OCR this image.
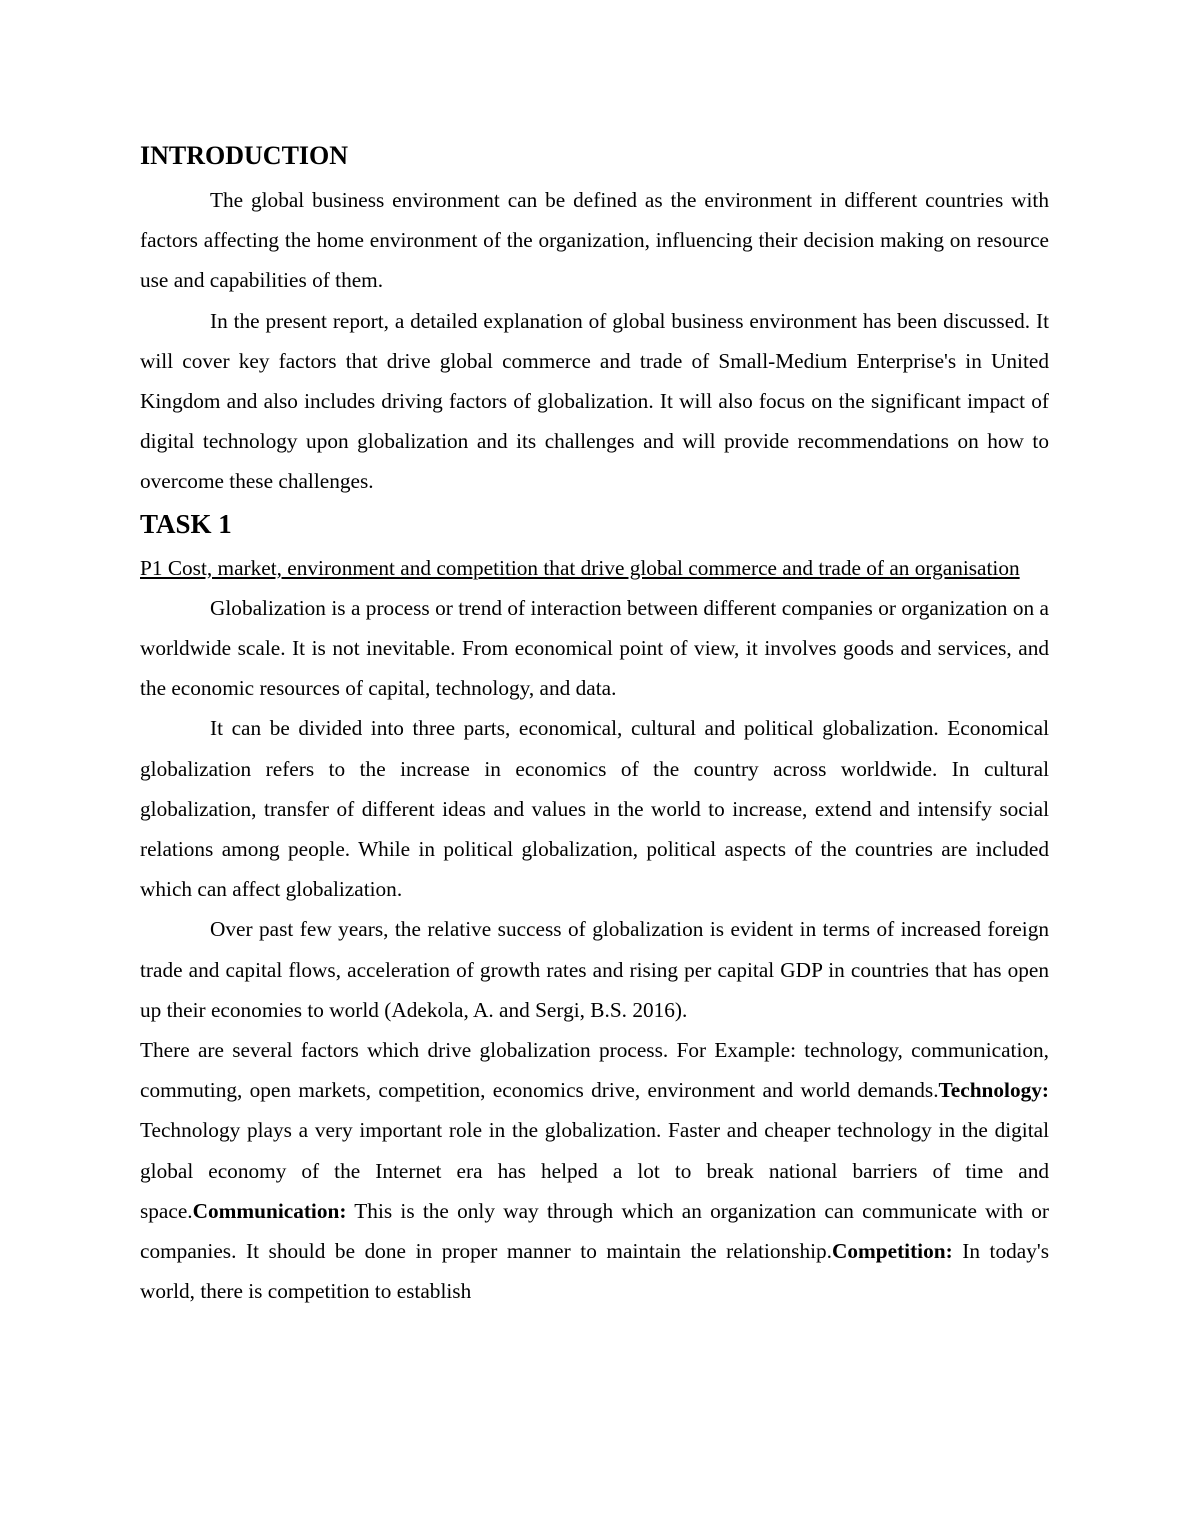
INTRODUCTION

The global business environment can be defined as the environment in different countries with factors affecting the home environment of the organization, influencing their decision making on resource use and capabilities of them.

In the present report, a detailed explanation of global business environment has been discussed. It will cover key factors that drive global commerce and trade of Small-Medium Enterprise's in United Kingdom and also includes driving factors of globalization. It will also focus on the significant impact of digital technology upon globalization and its challenges and will provide recommendations on how to overcome these challenges.

TASK 1

P1 Cost, market, environment and competition that drive global commerce and trade of an organisation

Globalization is a process or trend of interaction between different companies or organization on a worldwide scale. It is not inevitable. From economical point of view, it involves goods and services, and the economic resources of capital, technology, and data.

It can be divided into three parts, economical, cultural and political globalization. Economical globalization refers to the increase in economics of the country across worldwide. In cultural globalization, transfer of different ideas and values in the world to increase, extend and intensify social relations among people. While in political globalization, political aspects of the countries are included which can affect globalization.

Over past few years, the relative success of globalization is evident in terms of increased foreign trade and capital flows, acceleration of growth rates and rising per capital GDP in countries that has open up their economies to world (Adekola, A. and Sergi, B.S. 2016).

There are several factors which drive globalization process. For Example: technology, communication, commuting, open markets, competition, economics drive, environment and world demands.Technology: Technology plays a very important role in the globalization. Faster and cheaper technology in the digital global economy of the Internet era has helped a lot to break national barriers of time and space.Communication: This is the only way through which an organization can communicate with or companies. It should be done in proper manner to maintain the relationship.Competition: In today's world, there is competition to establish
